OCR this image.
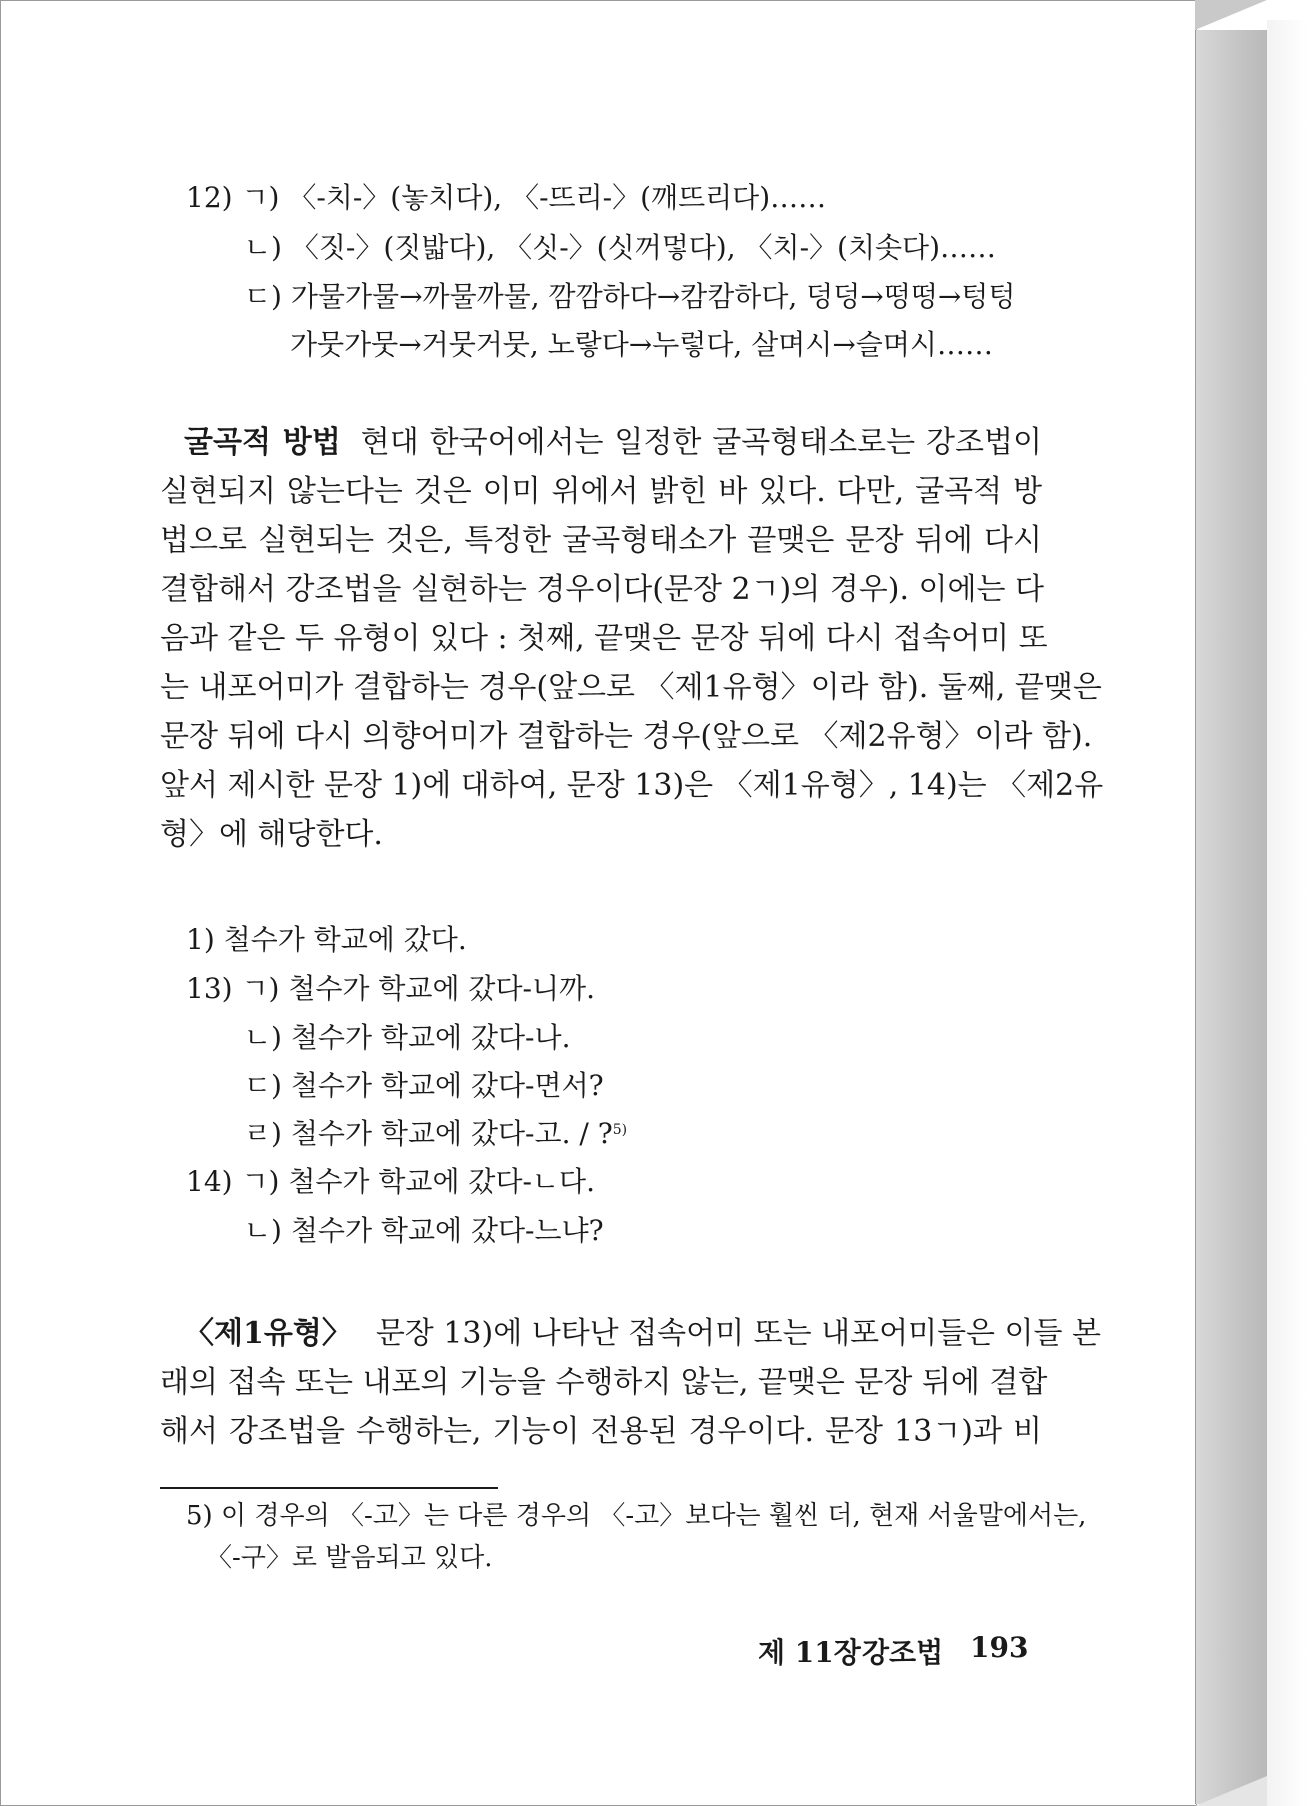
12) ㄱ) 〈-치-〉(놓치다), 〈-뜨리-〉(깨뜨리다)……
ㄴ) 〈짓-〉(짓밟다), 〈싯-〉(싯꺼멓다), 〈치-〉(치솟다)……
ㄷ) 가물가물→까물까물, 깜깜하다→캄캄하다, 덩덩→떵떵→텅텅
가뭇가뭇→거뭇거뭇, 노랗다→누렇다, 살며시→슬며시……
굴곡적 방법 현대 한국어에서는 일정한 굴곡형태소로는 강조법이
실현되지 않는다는 것은 이미 위에서 밝힌 바 있다. 다만, 굴곡적 방
법으로 실현되는 것은, 특정한 굴곡형태소가 끝맺은 문장 뒤에 다시
결합해서 강조법을 실현하는 경우이다(문장 2ㄱ)의 경우). 이에는 다
음과 같은 두 유형이 있다 : 첫째, 끝맺은 문장 뒤에 다시 접속어미 또
는 내포어미가 결합하는 경우(앞으로 〈제1유형〉이라 함). 둘째, 끝맺은
문장 뒤에 다시 의향어미가 결합하는 경우(앞으로 〈제2유형〉이라 함).
앞서 제시한 문장 1)에 대하여, 문장 13)은 〈제1유형〉, 14)는 〈제2유
형〉에 해당한다.
1) 철수가 학교에 갔다.
13) ㄱ) 철수가 학교에 갔다-니까.
ㄴ) 철수가 학교에 갔다-나.
ㄷ) 철수가 학교에 갔다-면서?
ㄹ) 철수가 학교에 갔다-고. / ?$^{5)}$
14) ㄱ) 철수가 학교에 갔다-ㄴ다.
ㄴ) 철수가 학교에 갔다-느냐?
〈제1유형〉 문장 13)에 나타난 접속어미 또는 내포어미들은 이들 본
래의 접속 또는 내포의 기능을 수행하지 않는, 끝맺은 문장 뒤에 결합
해서 강조법을 수행하는, 기능이 전용된 경우이다. 문장 13ㄱ)과 비
5) 이 경우의 〈-고〉는 다른 경우의 〈-고〉보다는 훨씬 더, 현재 서울말에서는,
〈-구〉로 발음되고 있다.
제 11장 강조법 193
